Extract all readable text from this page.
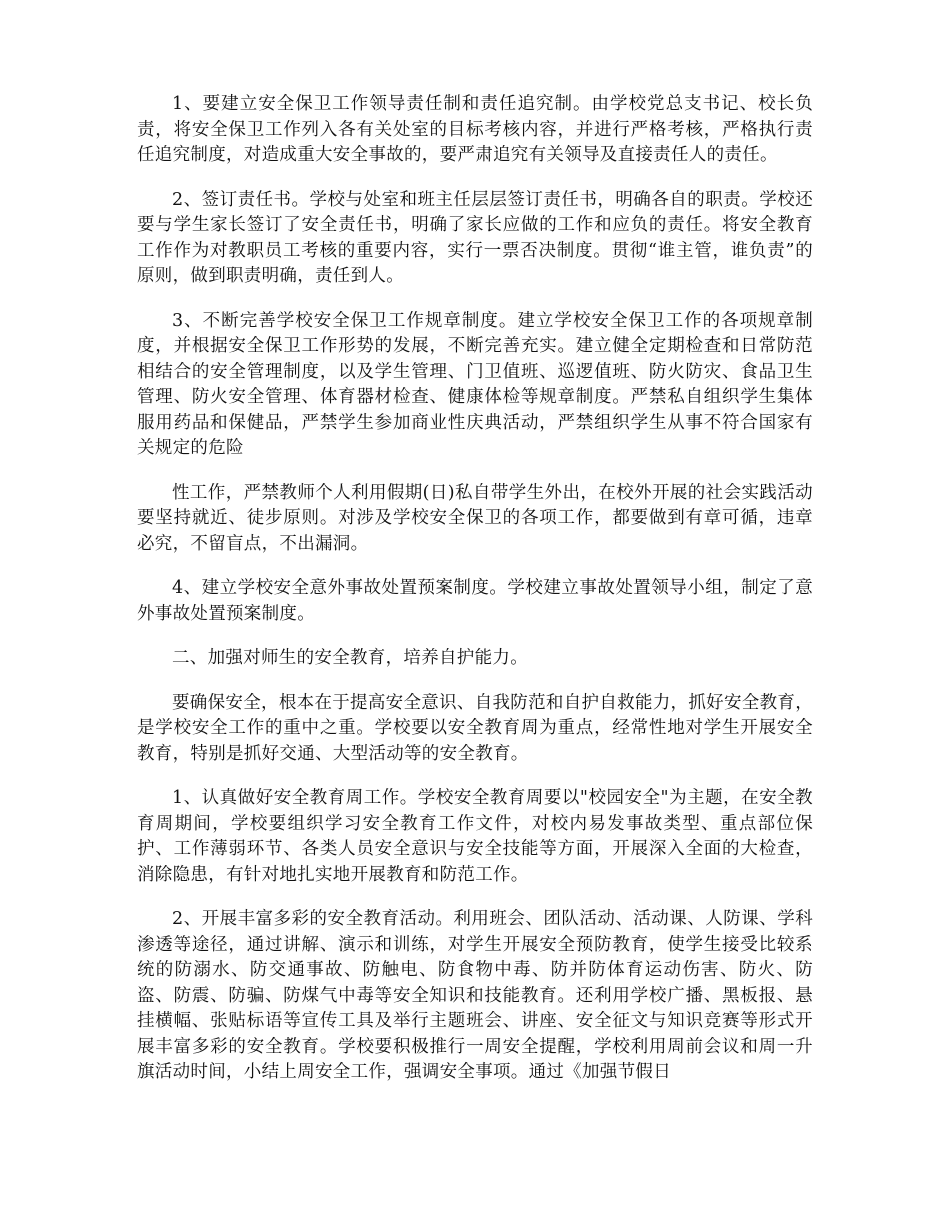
1、要建立安全保卫工作领导责任制和责任追究制。由学校党总支书记、校长负责，将安全保卫工作列入各有关处室的目标考核内容，并进行严格考核，严格执行责任追究制度，对造成重大安全事故的，要严肃追究有关领导及直接责任人的责任。

2、签订责任书。学校与处室和班主任层层签订责任书，明确各自的职责。学校还要与学生家长签订了安全责任书，明确了家长应做的工作和应负的责任。将安全教育工作作为对教职员工考核的重要内容，实行一票否决制度。贯彻“谁主管，谁负责”的原则，做到职责明确，责任到人。

3、不断完善学校安全保卫工作规章制度。建立学校安全保卫工作的各项规章制度，并根据安全保卫工作形势的发展，不断完善充实。建立健全定期检查和日常防范相结合的安全管理制度，以及学生管理、门卫值班、巡逻值班、防火防灾、食品卫生管理、防火安全管理、体育器材检查、健康体检等规章制度。严禁私自组织学生集体服用药品和保健品，严禁学生参加商业性庆典活动，严禁组织学生从事不符合国家有关规定的危险

性工作，严禁教师个人利用假期(日)私自带学生外出，在校外开展的社会实践活动要坚持就近、徒步原则。对涉及学校安全保卫的各项工作，都要做到有章可循，违章必究，不留盲点，不出漏洞。

4、建立学校安全意外事故处置预案制度。学校建立事故处置领导小组，制定了意外事故处置预案制度。

二、加强对师生的安全教育，培养自护能力。

要确保安全，根本在于提高安全意识、自我防范和自护自救能力，抓好安全教育，是学校安全工作的重中之重。学校要以安全教育周为重点，经常性地对学生开展安全教育，特别是抓好交通、大型活动等的安全教育。

1、认真做好安全教育周工作。学校安全教育周要以"校园安全"为主题，在安全教育周期间，学校要组织学习安全教育工作文件，对校内易发事故类型、重点部位保护、工作薄弱环节、各类人员安全意识与安全技能等方面，开展深入全面的大检查，消除隐患，有针对地扎实地开展教育和防范工作。

2、开展丰富多彩的安全教育活动。利用班会、团队活动、活动课、人防课、学科渗透等途径，通过讲解、演示和训练，对学生开展安全预防教育，使学生接受比较系统的防溺水、防交通事故、防触电、防食物中毒、防并防体育运动伤害、防火、防盗、防震、防骗、防煤气中毒等安全知识和技能教育。还利用学校广播、黑板报、悬挂横幅、张贴标语等宣传工具及举行主题班会、讲座、安全征文与知识竞赛等形式开展丰富多彩的安全教育。学校要积极推行一周安全提醒，学校利用周前会议和周一升旗活动时间，小结上周安全工作，强调安全事项。通过《加强节假日
